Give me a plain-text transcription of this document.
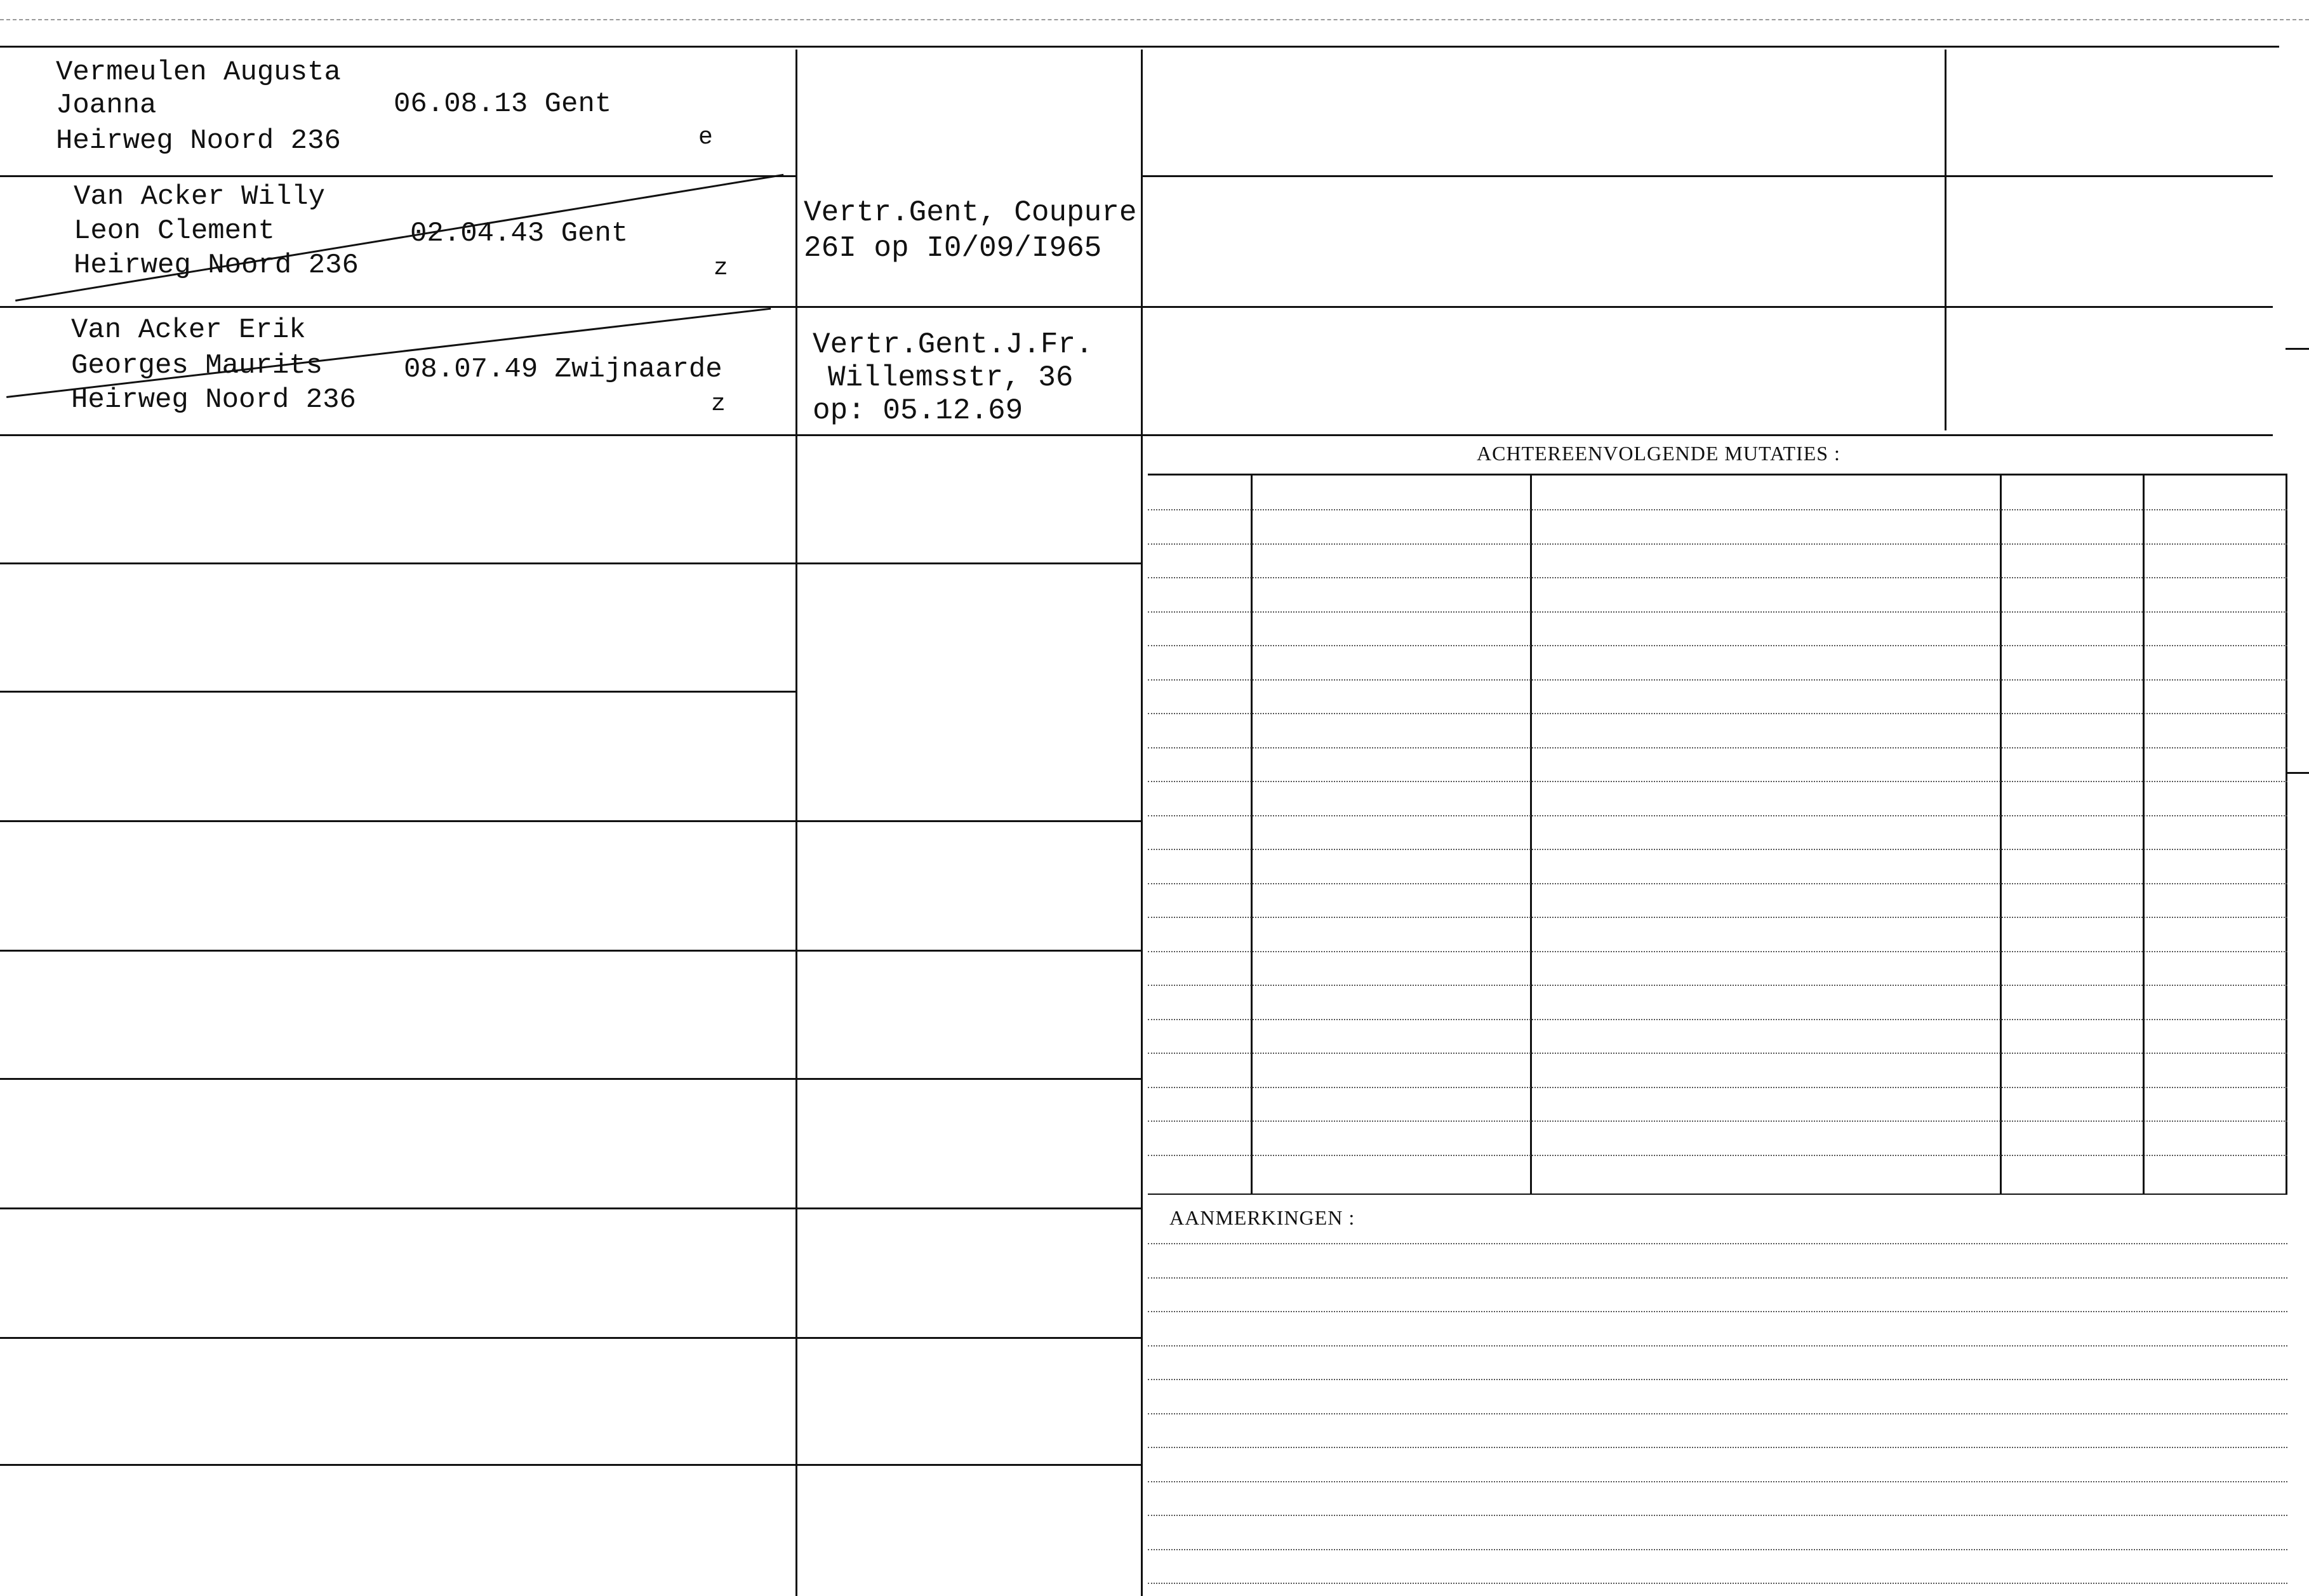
ACHTEREENVOLGENDE MUTATIES :
AANMERKINGEN :
Vermeulen Augusta
Joanna
Heirweg Noord 236
06.08.13 Gent
e
Van Acker Willy
Leon Clement
Heirweg Noord 236
02.04.43 Gent
z
Vertr.Gent, Coupure
26I op I0/09/I965
Van Acker Erik
Georges Maurits
Heirweg Noord 236
08.07.49 Zwijnaarde
z
Vertr.Gent.J.Fr.
Willemsstr, 36
op: 05.12.69
